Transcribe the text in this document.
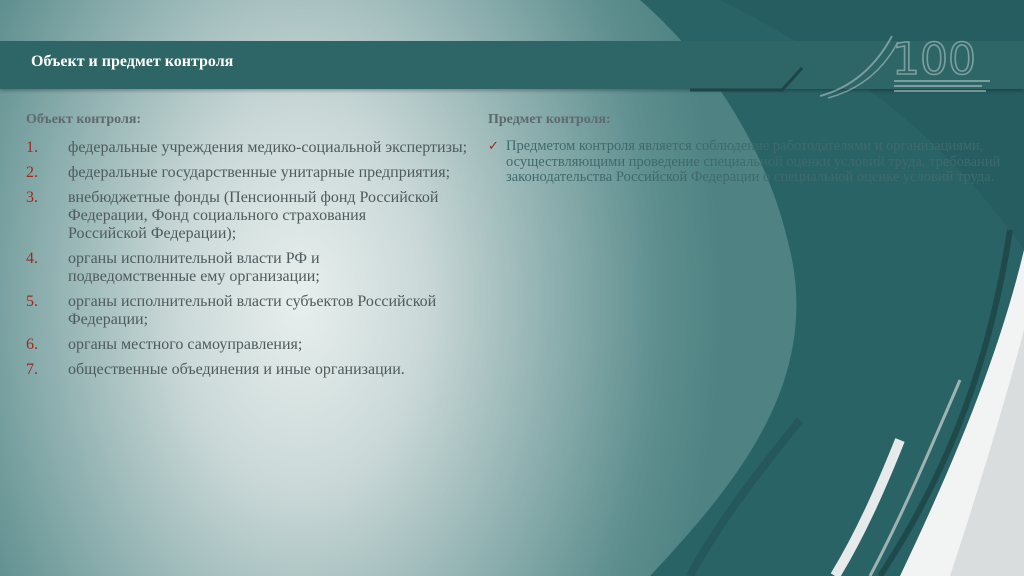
Объект и предмет контроля	100
Объект контроля:	Предмет контроля:
1. федеральные учреждения медико-социальной экспертизы;
2. федеральные государственные унитарные предприятия;
3. внебюджетные фонды (Пенсионный фонд Российской Федерации, Фонд социального страхования Российской Федерации);
4. органы исполнительной власти РФ и подведомственные ему организации;
5. органы исполнительной власти субъектов Российской Федерации;
6. органы местного самоуправления;
7. общественные объединения и иные организации.
✓ Предметом контроля является соблюдение работодателями и организациями, осуществляющими проведение специальной оценки условий труда, требований законодательства Российской Федерации о специальной оценке условий труда.
